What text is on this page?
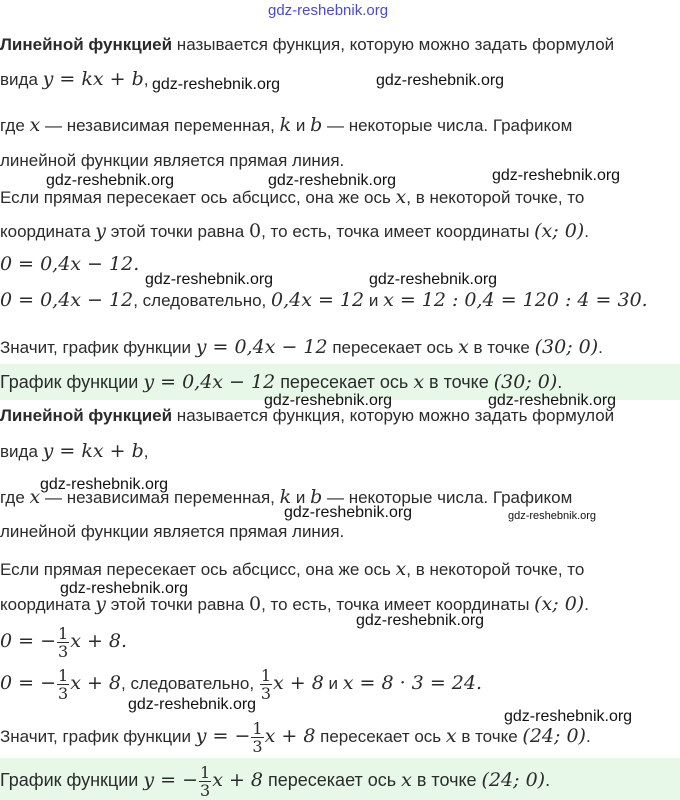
gdz-reshebnik.org
Линейной функцией называется функция, которую можно задать формулой
вида y = kx + b,
где x — независимая переменная, k и b — некоторые числа. Графиком
линейной функции является прямая линия.
Если прямая пересекает ось абсцисс, она же ось x, в некоторой точке, то
координата y этой точки равна 0, то есть, точка имеет координаты (x; 0).
0 = 0,4x − 12.
0 = 0,4x − 12, следовательно, 0,4x = 12 и x = 12 : 0,4 = 120 : 4 = 30.
Значит, график функции y = 0,4x − 12 пересекает ось x в точке (30; 0).
График функции y = 0,4x − 12 пересекает ось x в точке (30; 0).
Линейной функцией называется функция, которую можно задать формулой
вида y = kx + b,
где x — независимая переменная, k и b — некоторые числа. Графиком
линейной функции является прямая линия.
Если прямая пересекает ось абсцисс, она же ось x, в некоторой точке, то
координата y этой точки равна 0, то есть, точка имеет координаты (x; 0).
0 = − $\frac{1}{3}$ x + 8.
0 = − $\frac{1}{3}$ x + 8, следовательно, $\frac{1}{3}$ x + 8 и x = 8 · 3 = 24.
Значит, график функции y = − $\frac{1}{3}$ x + 8 пересекает ось x в точке (24; 0).
График функции y = − $\frac{1}{3}$ x + 8 пересекает ось x в точке (24; 0).
gdz-reshebnik.org	gdz-reshebnik.org
gdz-reshebnik.org
gdz-reshebnik.org	gdz-reshebnik.org
gdz-reshebnik.org	gdz-reshebnik.org
gdz-reshebnik.org	gdz-reshebnik.org
gdz-reshebnik.org
gdz-reshebnik.org	gdz-reshebnik.org
gdz-reshebnik.org
gdz-reshebnik.org
gdz-reshebnik.org
gdz-reshebnik.org
